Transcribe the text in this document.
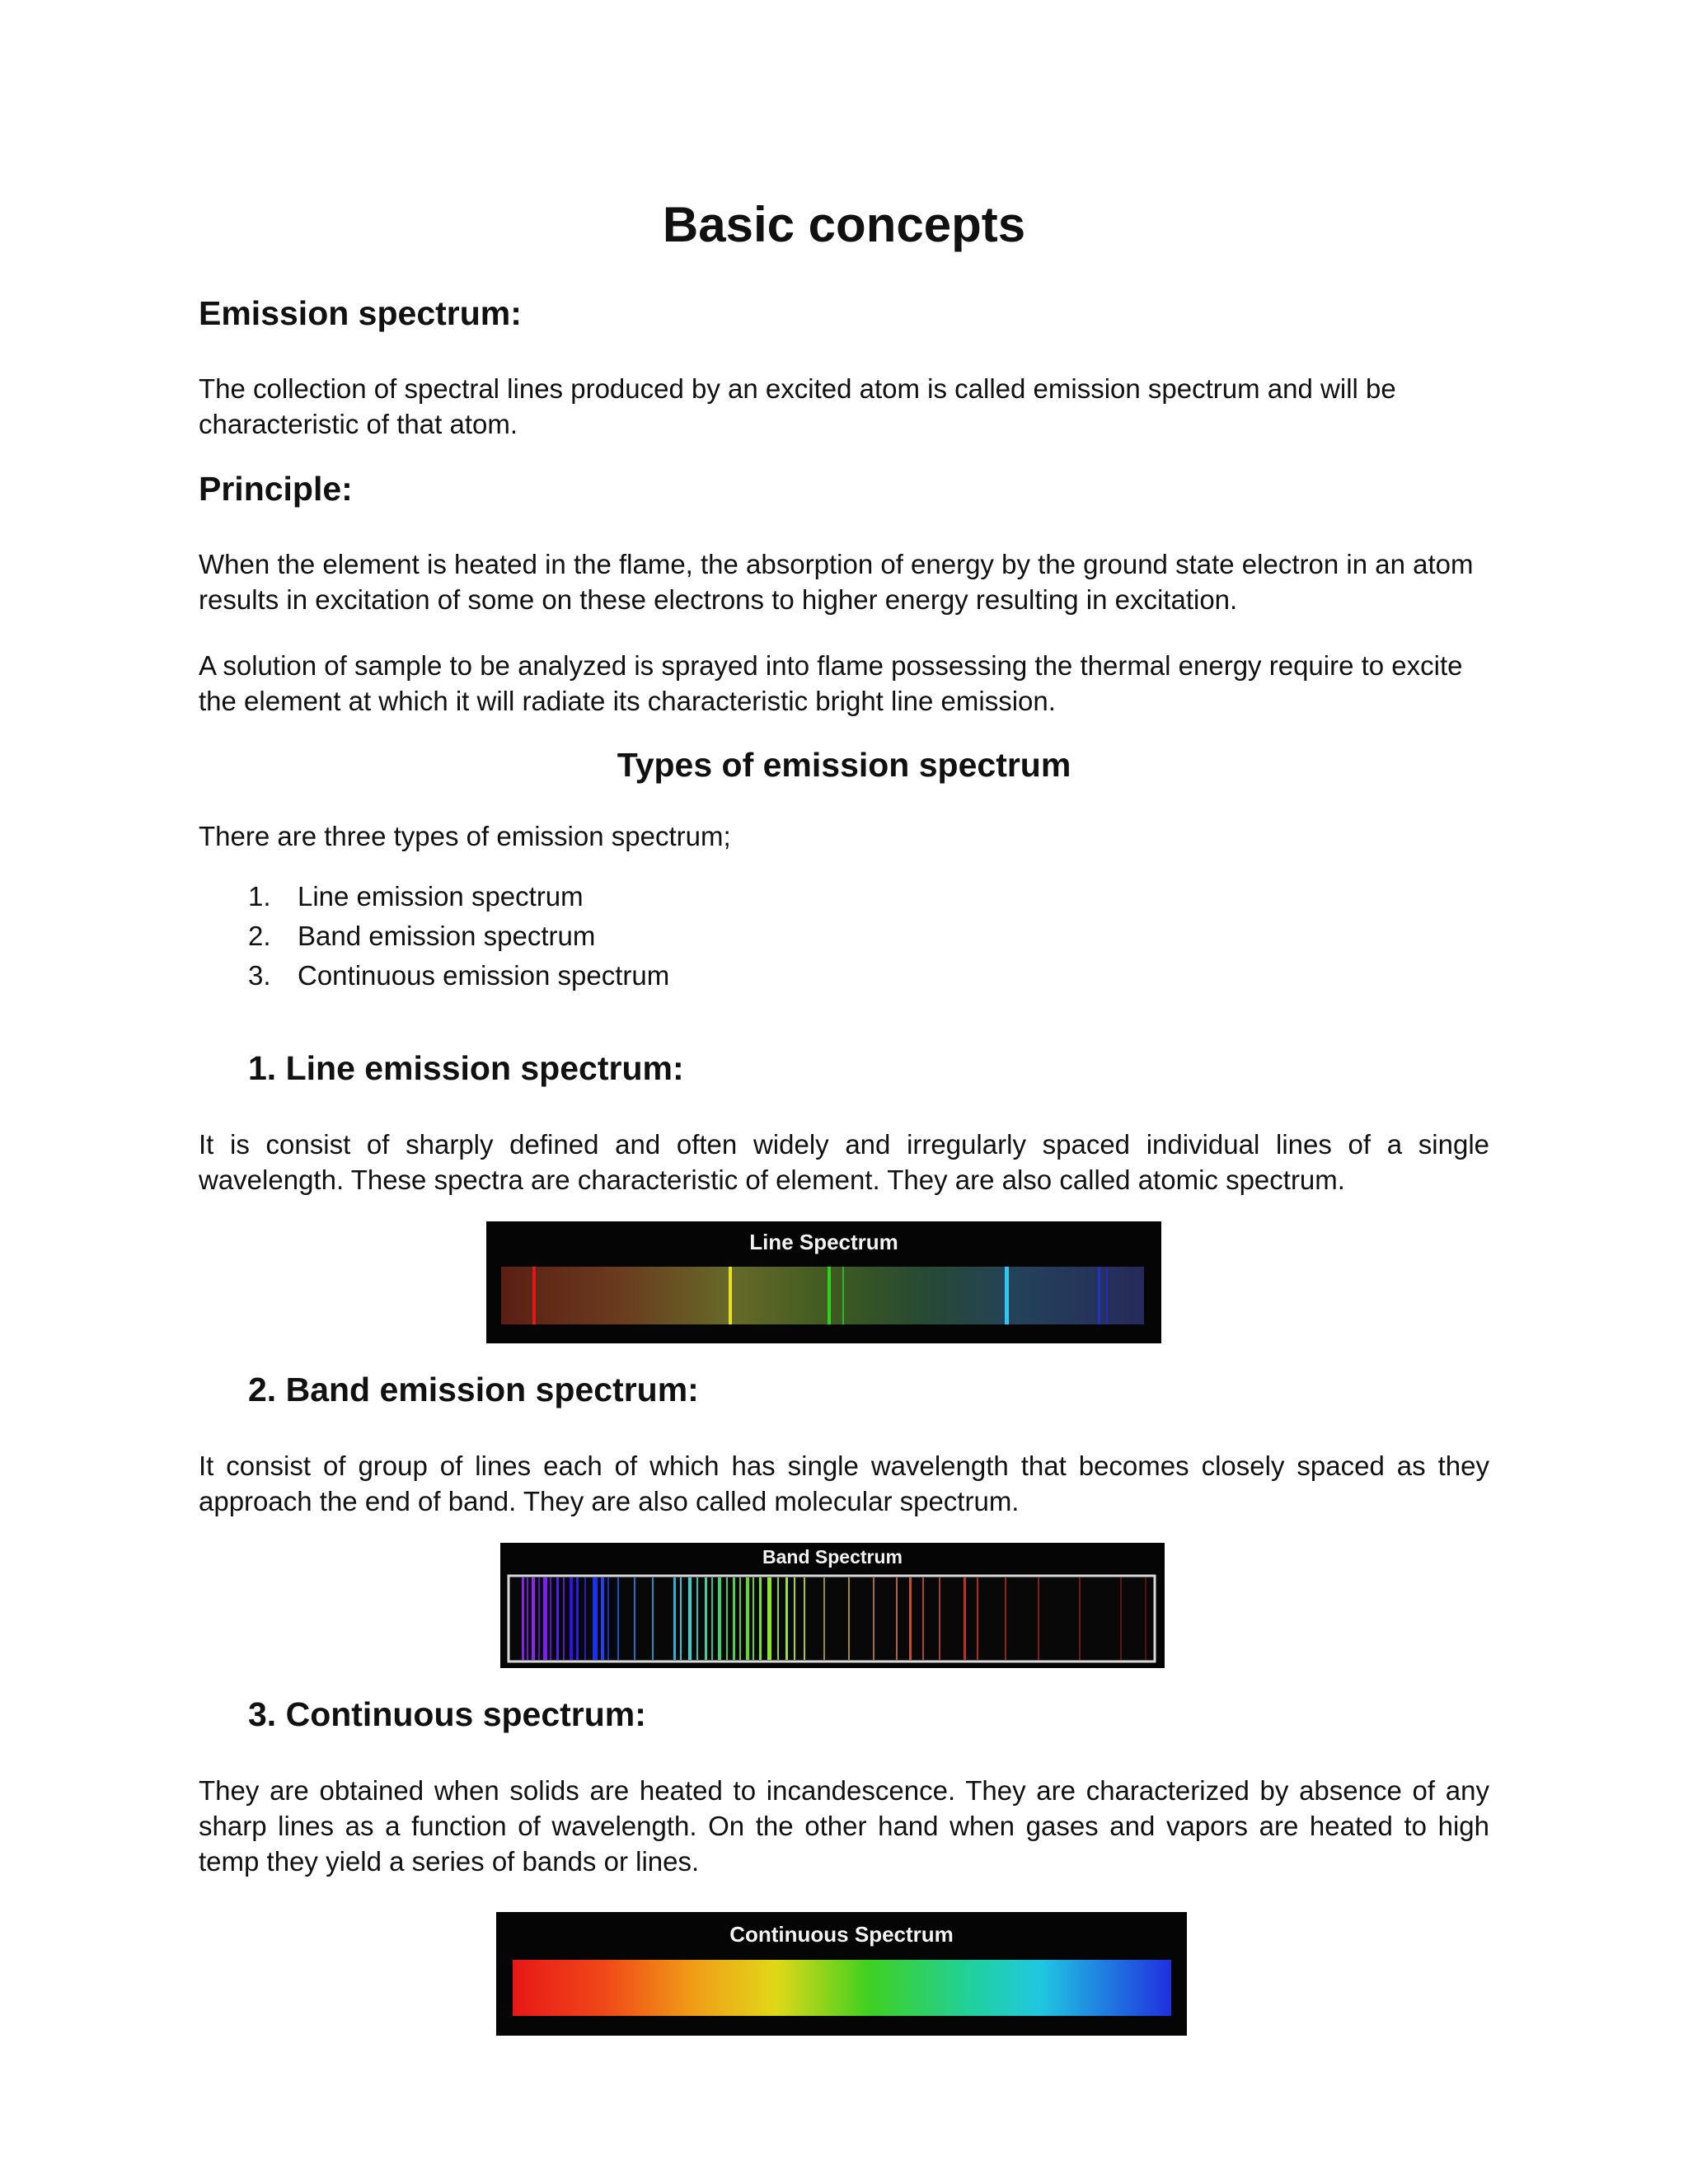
Basic concepts
Emission spectrum:
The collection of spectral lines produced by an excited atom is called emission spectrum and will be characteristic of that atom.
Principle:
When the element is heated in the flame, the absorption of energy by the ground state electron in an atom results in excitation of some on these electrons to higher energy resulting in excitation.
A solution of sample to be analyzed is sprayed into flame possessing the thermal energy require to excite the element at which it will radiate its characteristic bright line emission.
Types of emission spectrum
There are three types of emission spectrum;
1. Line emission spectrum
2. Band emission spectrum
3. Continuous emission spectrum
1. Line emission spectrum:
It is consist of sharply defined and often widely and irregularly spaced individual lines of a single wavelength. These spectra are characteristic of element. They are also called atomic spectrum.
Line Spectrum
2. Band emission spectrum:
It consist of group of lines each of which has single wavelength that becomes closely spaced as they approach the end of band. They are also called molecular spectrum.
Band Spectrum
3. Continuous spectrum:
They are obtained when solids are heated to incandescence. They are characterized by absence of any sharp lines as a function of wavelength. On the other hand when gases and vapors are heated to high temp they yield a series of bands or lines.
Continuous Spectrum
